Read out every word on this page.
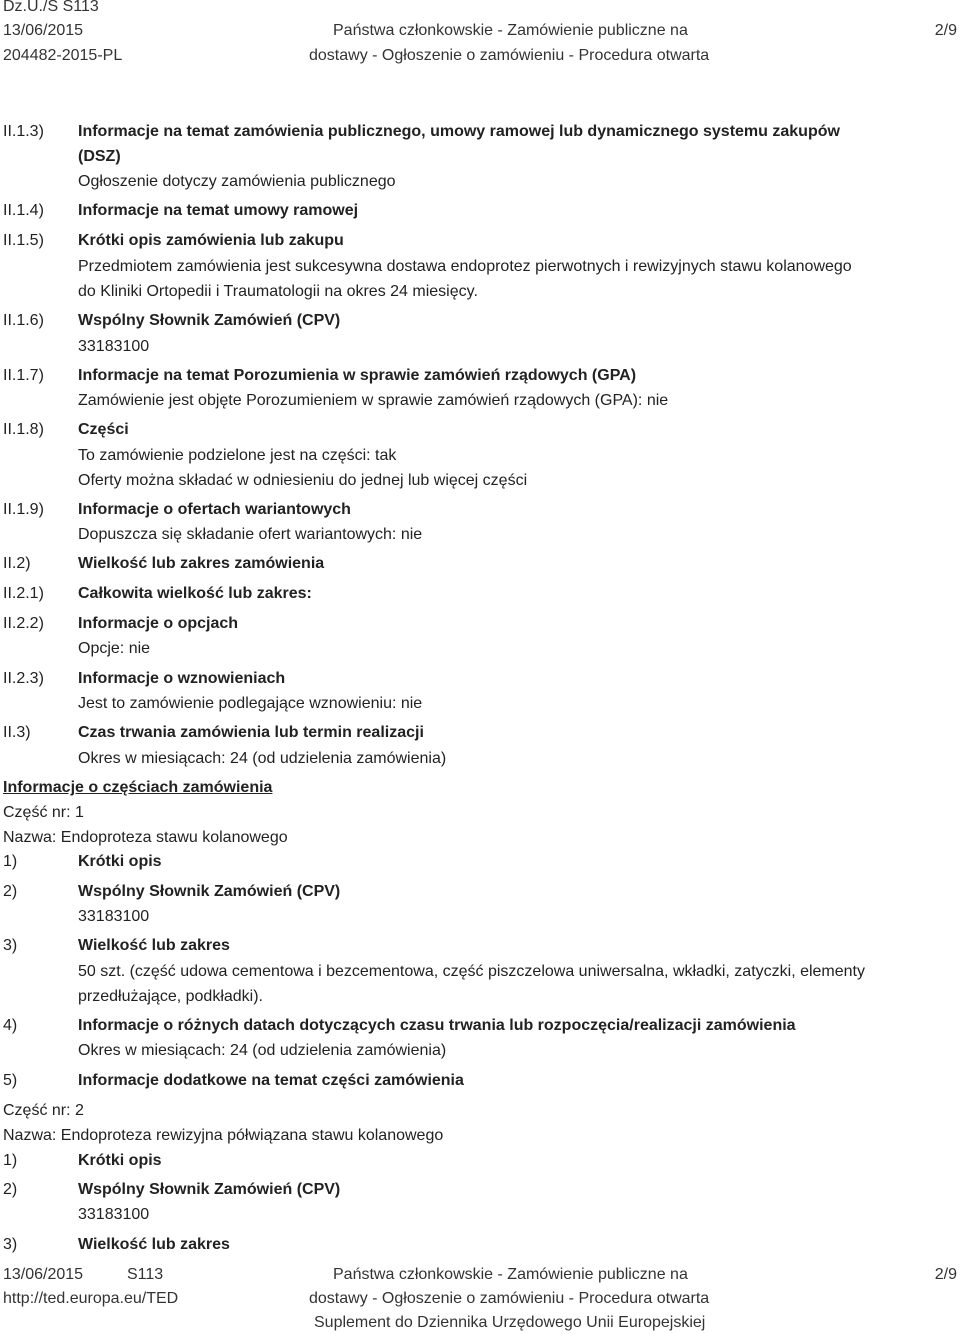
Dz.U./S S113
13/06/2015
204482-2015-PL
Państwa członkowskie - Zamówienie publiczne na
dostawy - Ogłoszenie o zamówieniu - Procedura otwarta
2/9
II.1.3) Informacje na temat zamówienia publicznego, umowy ramowej lub dynamicznego systemu zakupów
(DSZ)
Ogłoszenie dotyczy zamówienia publicznego
II.1.4) Informacje na temat umowy ramowej
II.1.5) Krótki opis zamówienia lub zakupu
Przedmiotem zamówienia jest sukcesywna dostawa endoprotez pierwotnych i rewizyjnych stawu kolanowego
do Kliniki Ortopedii i Traumatologii na okres 24 miesięcy.
II.1.6) Wspólny Słownik Zamówień (CPV)
33183100
II.1.7) Informacje na temat Porozumienia w sprawie zamówień rządowych (GPA)
Zamówienie jest objęte Porozumieniem w sprawie zamówień rządowych (GPA): nie
II.1.8) Części
To zamówienie podzielone jest na części: tak
Oferty można składać w odniesieniu do jednej lub więcej części
II.1.9) Informacje o ofertach wariantowych
Dopuszcza się składanie ofert wariantowych: nie
II.2)	Wielkość lub zakres zamówienia
II.2.1) Całkowita wielkość lub zakres:
II.2.2) Informacje o opcjach
Opcje: nie
II.2.3) Informacje o wznowieniach
Jest to zamówienie podlegające wznowieniu: nie
II.3)	Czas trwania zamówienia lub termin realizacji
Okres w miesiącach: 24 (od udzielenia zamówienia)
Informacje o częściach zamówienia
Część nr: 1
Nazwa: Endoproteza stawu kolanowego
1)	Krótki opis
2)	Wspólny Słownik Zamówień (CPV)
33183100
3)	Wielkość lub zakres
50 szt. (część udowa cementowa i bezcementowa, część piszczelowa uniwersalna, wkładki, zatyczki, elementy
przedłużające, podkładki).
4)	Informacje o różnych datach dotyczących czasu trwania lub rozpoczęcia/realizacji zamówienia
Okres w miesiącach: 24 (od udzielenia zamówienia)
5)	Informacje dodatkowe na temat części zamówienia
Część nr: 2
Nazwa: Endoproteza rewizyjna półwiązana stawu kolanowego
1)	Krótki opis
2)	Wspólny Słownik Zamówień (CPV)
33183100
3)	Wielkość lub zakres
13/06/2015	S113
http://ted.europa.eu/TED
Państwa członkowskie - Zamówienie publiczne na
dostawy - Ogłoszenie o zamówieniu - Procedura otwarta
Suplement do Dziennika Urzędowego Unii Europejskiej
2/9
